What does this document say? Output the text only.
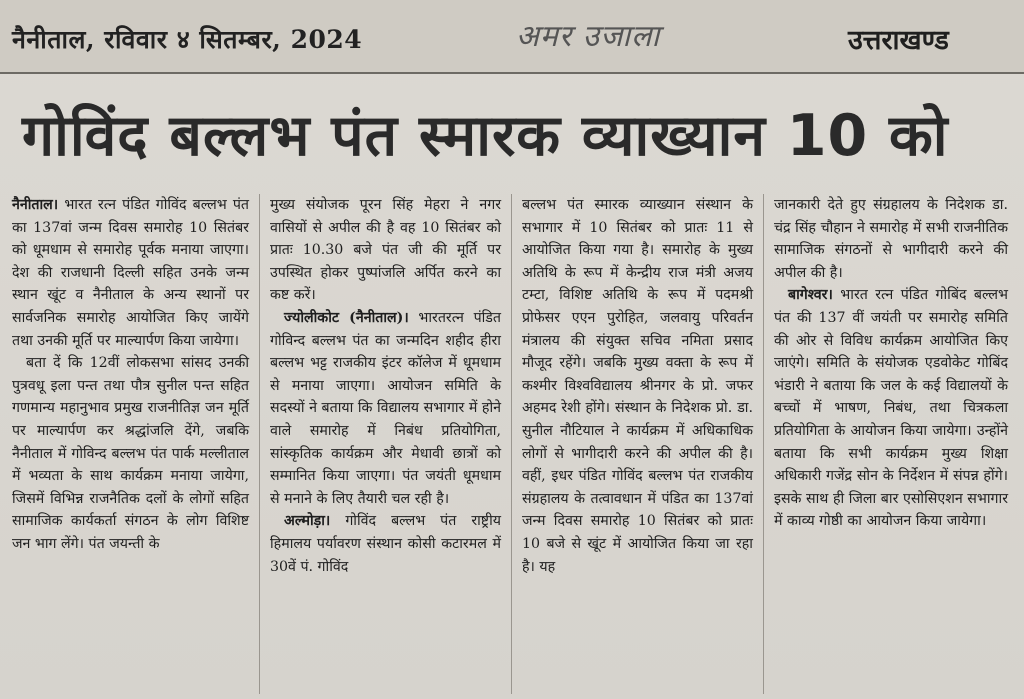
नैनीताल, रविवार ४ सितम्बर, 2024	अमर उजाला	उत्तराखण्ड
गोविंद बल्लभ पंत स्मारक व्याख्यान 10 को

नैनीताल। भारत रत्न पंडित गोविंद बल्लभ पंत का 137वां जन्म दिवस समारोह 10 सितंबर को धूमधाम से समारोह पूर्वक मनाया जाएगा। देश की राजधानी दिल्ली सहित उनके जन्म स्थान खूंट व नैनीताल के अन्य स्थानों पर सार्वजनिक समारोह आयोजित किए जायेंगे तथा उनकी मूर्ति पर माल्यार्पण किया जायेगा।

बता दें कि 12वीं लोकसभा सांसद उनकी पुत्रवधू इला पन्त तथा पौत्र सुनील पन्त सहित गणमान्य महानुभाव प्रमुख राजनीतिज्ञ जन मूर्ति पर माल्यार्पण कर श्रद्धांजलि देंगे, जबकि नैनीताल में गोविन्द बल्लभ पंत पार्क मल्लीताल में भव्यता के साथ कार्यक्रम मनाया जायेगा, जिसमें विभिन्न राजनैतिक दलों के लोगों सहित सामाजिक कार्यकर्ता संगठन के लोग विशिष्ट जन भाग लेंगे। पंत जयन्ती के

मुख्य संयोजक पूरन सिंह मेहरा ने नगर वासियों से अपील की है वह 10 सितंबर को प्रातः 10.30 बजे पंत जी की मूर्ति पर उपस्थित होकर पुष्पांजलि अर्पित करने का कष्ट करें।

ज्योलीकोट (नैनीताल)। भारतरत्न पंडित गोविन्द बल्लभ पंत का जन्मदिन शहीद हीरा बल्लभ भट्ट राजकीय इंटर कॉलेज में धूमधाम से मनाया जाएगा। आयोजन समिति के सदस्यों ने बताया कि विद्यालय सभागार में होने वाले समारोह में निबंध प्रतियोगिता, सांस्कृतिक कार्यक्रम और मेधावी छात्रों को सम्मानित किया जाएगा। पंत जयंती धूमधाम से मनाने के लिए तैयारी चल रही है।

अल्मोड़ा। गोविंद बल्लभ पंत राष्ट्रीय हिमालय पर्यावरण संस्थान कोसी कटारमल में 30वें पं. गोविंद

बल्लभ पंत स्मारक व्याख्यान संस्थान के सभागार में 10 सितंबर को प्रातः 11 से आयोजित किया गया है। समारोह के मुख्य अतिथि के रूप में केन्द्रीय राज मंत्री अजय टम्टा, विशिष्ट अतिथि के रूप में पदमश्री प्रोफेसर एएन पुरोहित, जलवायु परिवर्तन मंत्रालय की संयुक्त सचिव नमिता प्रसाद मौजूद रहेंगे। जबकि मुख्य वक्ता के रूप में कश्मीर विश्वविद्यालय श्रीनगर के प्रो. जफर अहमद रेशी होंगे। संस्थान के निदेशक प्रो. डा. सुनील नौटियाल ने कार्यक्रम में अधिकाधिक लोगों से भागीदारी करने की अपील की है। वहीं, इधर पंडित गोविंद बल्लभ पंत राजकीय संग्रहालय के तत्वावधान में पंडित का 137वां जन्म दिवस समारोह 10 सितंबर को प्रातः 10 बजे से खूंट में आयोजित किया जा रहा है। यह

जानकारी देते हुए संग्रहालय के निदेशक डा. चंद्र सिंह चौहान ने समारोह में सभी राजनीतिक सामाजिक संगठनों से भागीदारी करने की अपील की है।

बागेश्वर। भारत रत्न पंडित गोबिंद बल्लभ पंत की 137 वीं जयंती पर समारोह समिति की ओर से विविध कार्यक्रम आयोजित किए जाएंगे। समिति के संयोजक एडवोकेट गोबिंद भंडारी ने बताया कि जल के कई विद्यालयों के बच्चों में भाषण, निबंध, तथा चित्रकला प्रतियोगिता के आयोजन किया जायेगा। उन्होंने बताया कि सभी कार्यक्रम मुख्य शिक्षा अधिकारी गजेंद्र सोन के निर्देशन में संपन्न होंगे। इसके साथ ही जिला बार एसोसिएशन सभागार में काव्य गोष्ठी का आयोजन किया जायेगा।
